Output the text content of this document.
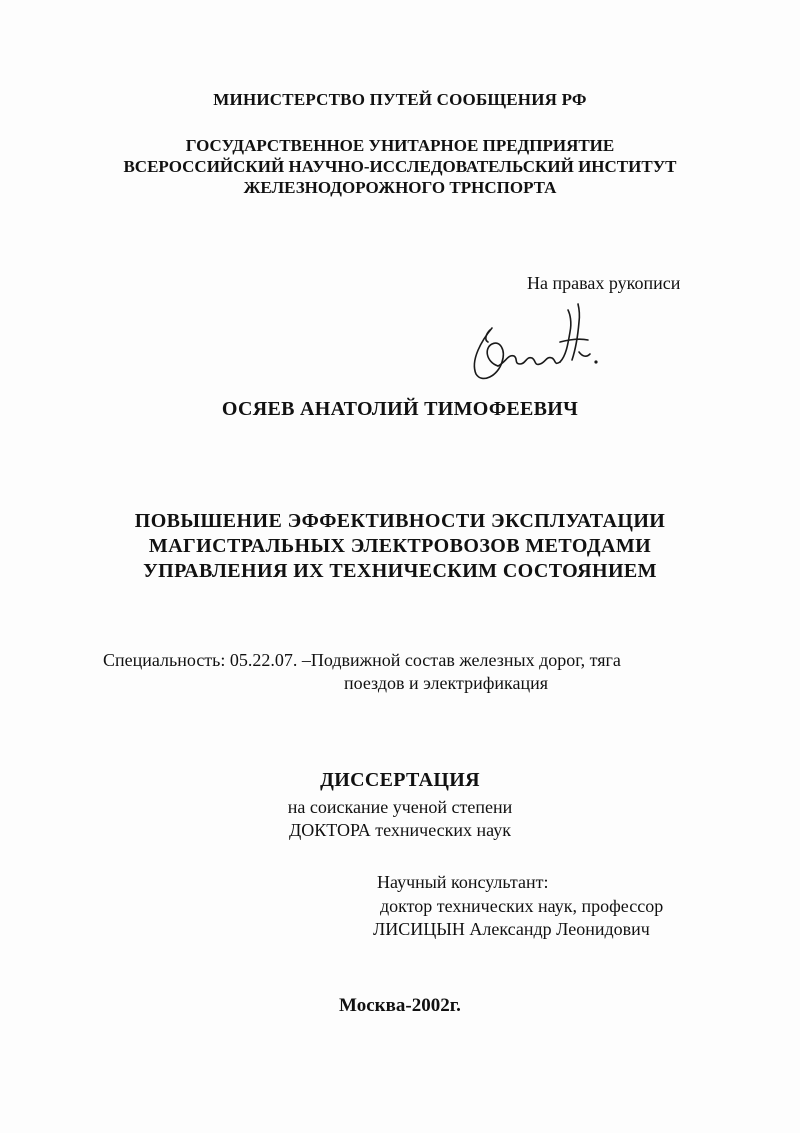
МИНИСТЕРСТВО ПУТЕЙ СООБЩЕНИЯ РФ
ГОСУДАРСТВЕННОЕ УНИТАРНОЕ ПРЕДПРИЯТИЕ
ВСЕРОССИЙСКИЙ НАУЧНО-ИССЛЕДОВАТЕЛЬСКИЙ ИНСТИТУТ
ЖЕЛЕЗНОДОРОЖНОГО ТРНСПОРТА
На правах рукописи
ОСЯЕВ АНАТОЛИЙ ТИМОФЕЕВИЧ
ПОВЫШЕНИЕ ЭФФЕКТИВНОСТИ ЭКСПЛУАТАЦИИ
МАГИСТРАЛЬНЫХ ЭЛЕКТРОВОЗОВ МЕТОДАМИ
УПРАВЛЕНИЯ ИХ ТЕХНИЧЕСКИМ СОСТОЯНИЕМ
Специальность: 05.22.07. –Подвижной состав железных дорог, тяга
поездов и электрификация
ДИССЕРТАЦИЯ
на соискание ученой степени
ДОКТОРА технических наук
Научный консультант:
доктор технических наук, профессор
ЛИСИЦЫН Александр Леонидович
Москва-2002г.
